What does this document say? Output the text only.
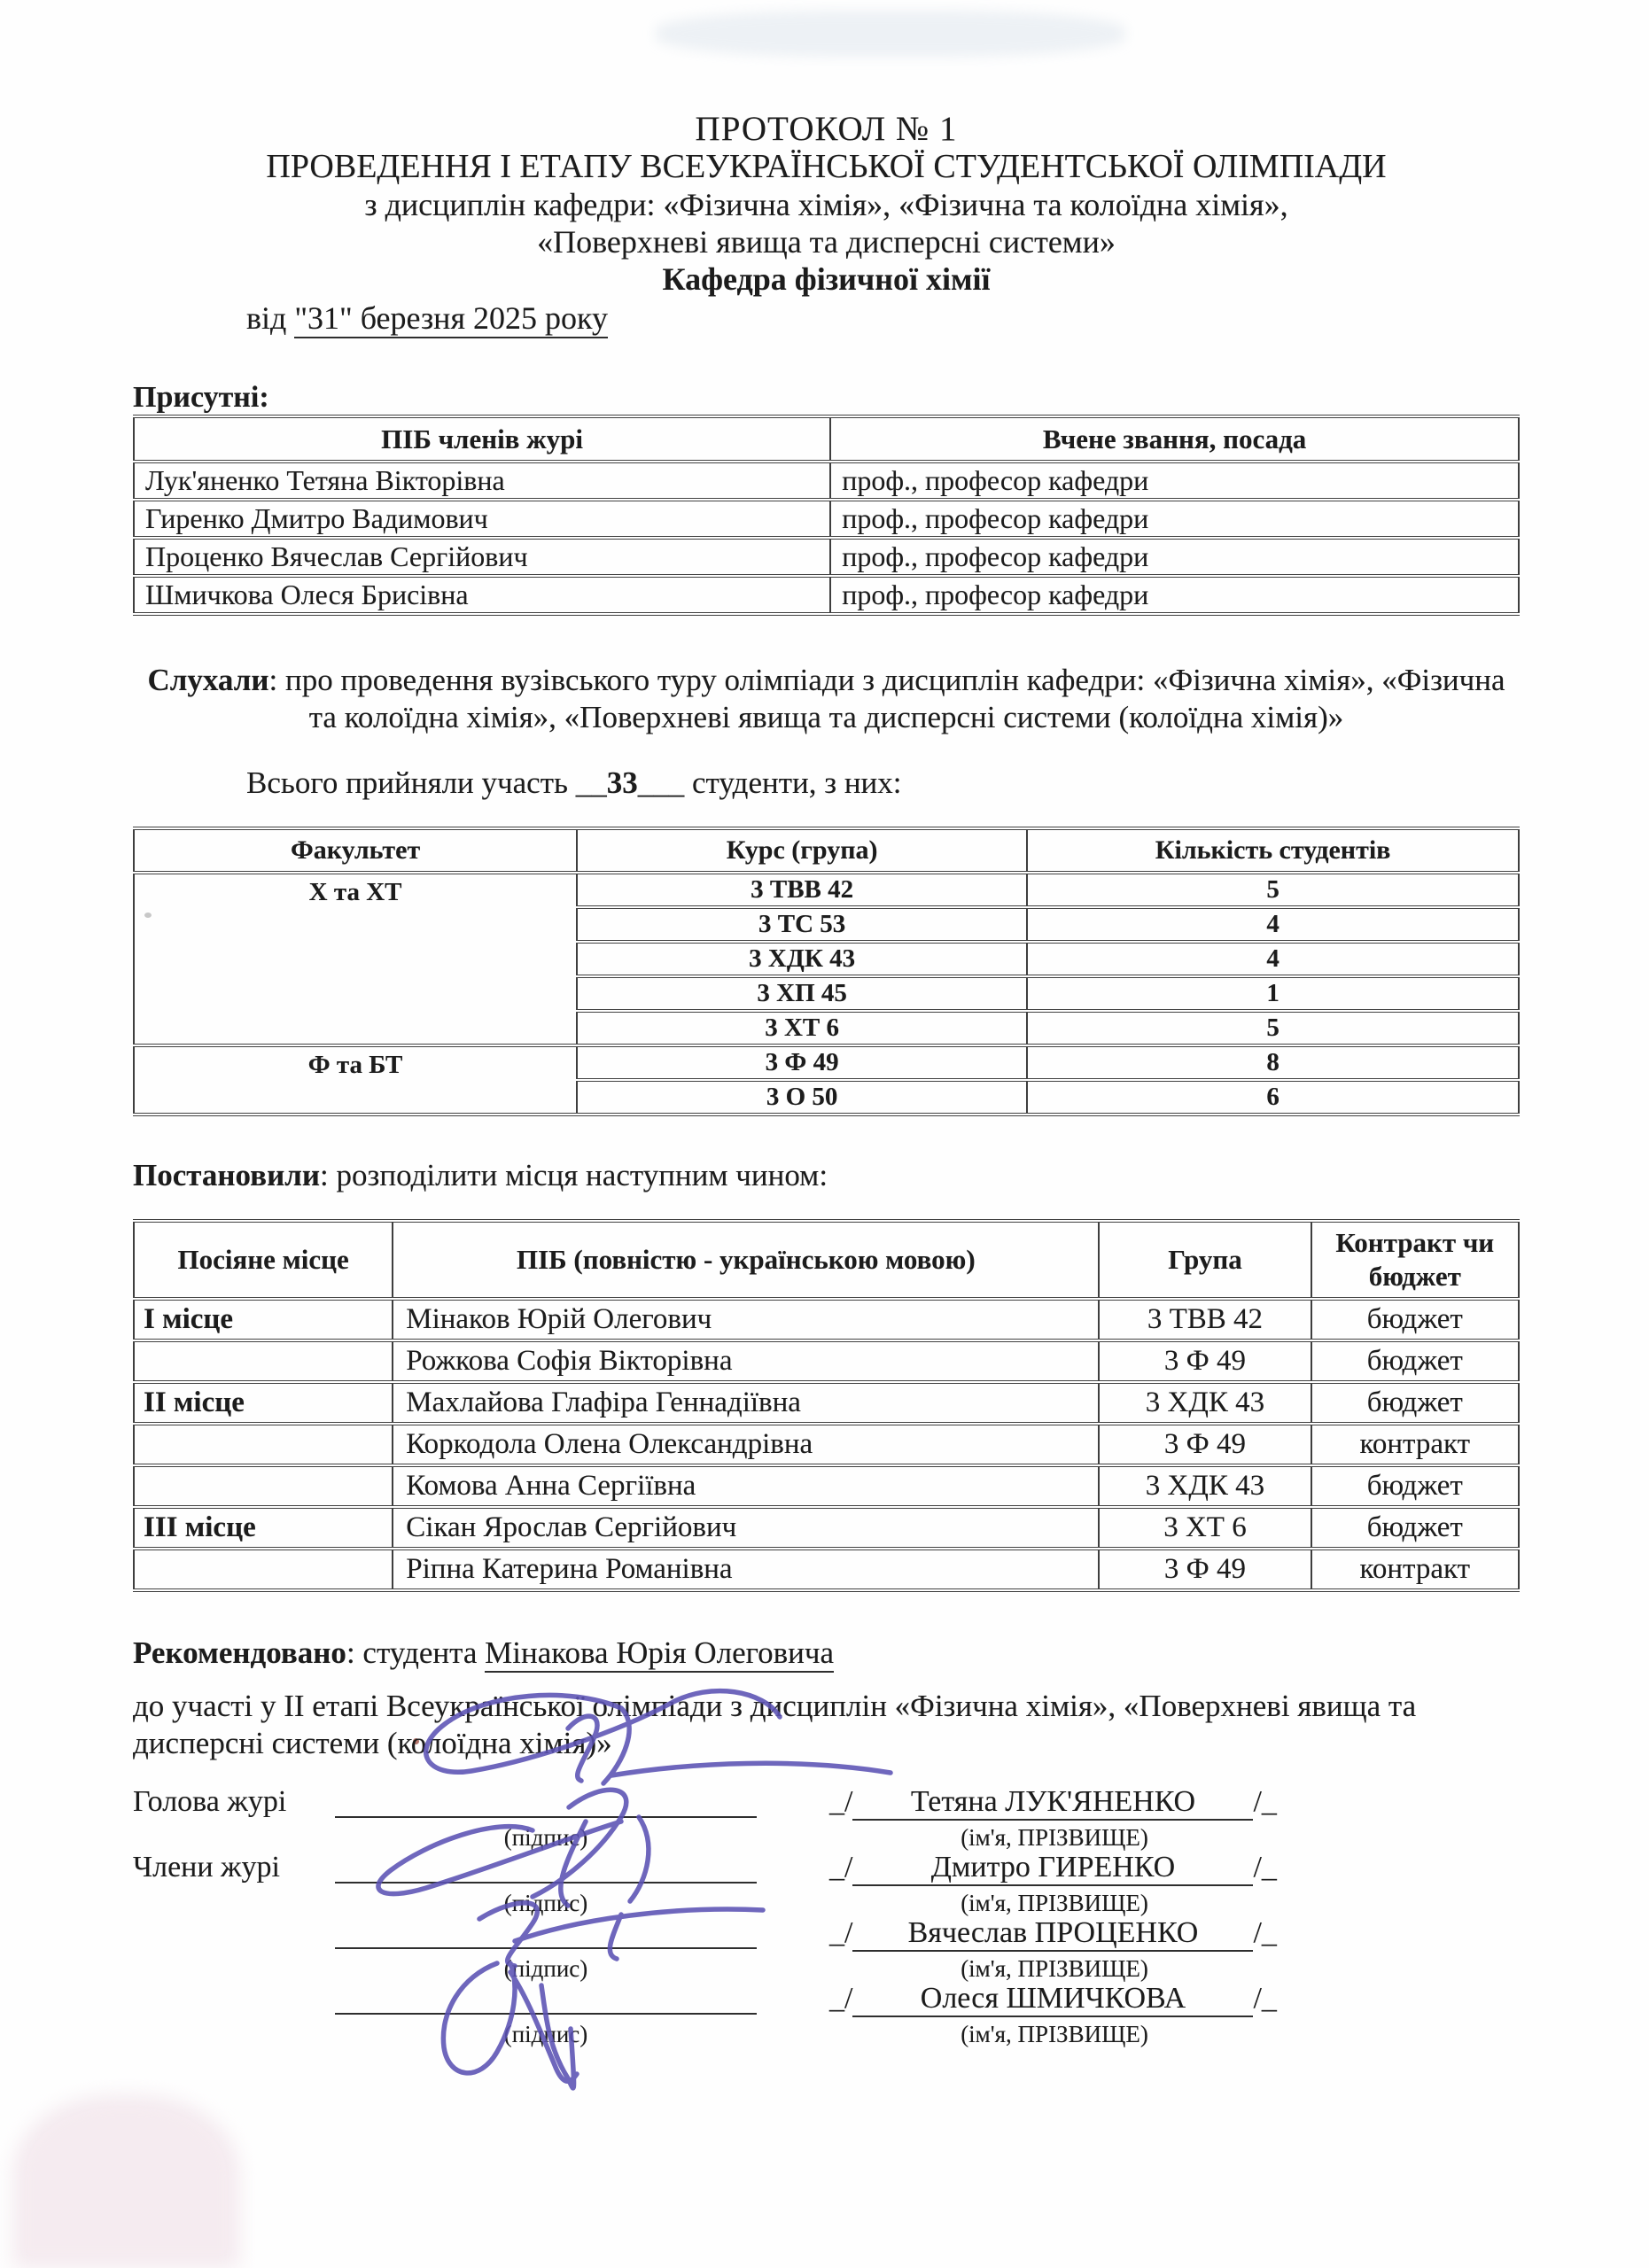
ПРОТОКОЛ № 1
ПРОВЕДЕННЯ І ЕТАПУ ВСЕУКРАЇНСЬКОЇ СТУДЕНТСЬКОЇ ОЛІМПІАДИ
з дисциплін кафедри: «Фізична хімія», «Фізична та колоїдна хімія»,
«Поверхневі явища та дисперсні системи»
Кафедра фізичної хімії
від "31" березня 2025 року
Присутні:
ПІБ членів журі	Вчене звання, посада
Лук'яненко Тетяна Вікторівна	проф., професор кафедри
Гиренко Дмитро Вадимович	проф., професор кафедри
Проценко Вячеслав Сергійович	проф., професор кафедри
Шмичкова Олеся Брисівна	проф., професор кафедри
Слухали: про проведення вузівського туру олімпіади з дисциплін кафедри: «Фізична хімія», «Фізична та колоїдна хімія», «Поверхневі явища та дисперсні системи (колоїдна хімія)»
Всього прийняли участь __33___ студенти, з них:
Факультет	Курс (група)	Кількість студентів
Х та ХТ	3 ТВВ 42	5
	3 ТС 53	4
	3 ХДК 43	4
	3 ХП 45	1
	3 ХТ 6	5
Ф та БТ	3 Ф 49	8
	3 О 50	6
Постановили: розподілити місця наступним чином:
Посіяне місце	ПІБ (повністю - українською мовою)	Група	Контракт чи бюджет
І місце	Мінаков Юрій Олегович	3 ТВВ 42	бюджет
	Рожкова Софія Вікторівна	3 Ф 49	бюджет
ІІ місце	Махлайова Глафіра Геннадіївна	3 ХДК 43	бюджет
	Коркодола Олена Олександрівна	3 Ф 49	контракт
	Комова Анна Сергіївна	3 ХДК 43	бюджет
ІІІ місце	Сікан Ярослав Сергійович	3 ХТ 6	бюджет
	Ріпна Катерина Романівна	3 Ф 49	контракт
Рекомендовано: студента Мінакова Юрія Олеговича
до участі у ІІ етапі Всеукраїнської олімпіади з дисциплін «Фізична хімія», «Поверхневі явища та дисперсні системи (колоїдна хімія)»
Голова журі	_/	Тетяна ЛУК'ЯНЕНКО	/_
(підпис)	(ім'я, ПРІЗВИЩЕ)
Члени журі	_/	Дмитро ГИРЕНКО	/_
(підпис)	(ім'я, ПРІЗВИЩЕ)
_/	Вячеслав ПРОЦЕНКО	/_
(підпис)	(ім'я, ПРІЗВИЩЕ)
_/	Олеся ШМИЧКОВА	/_
(підпис)	(ім'я, ПРІЗВИЩЕ)
